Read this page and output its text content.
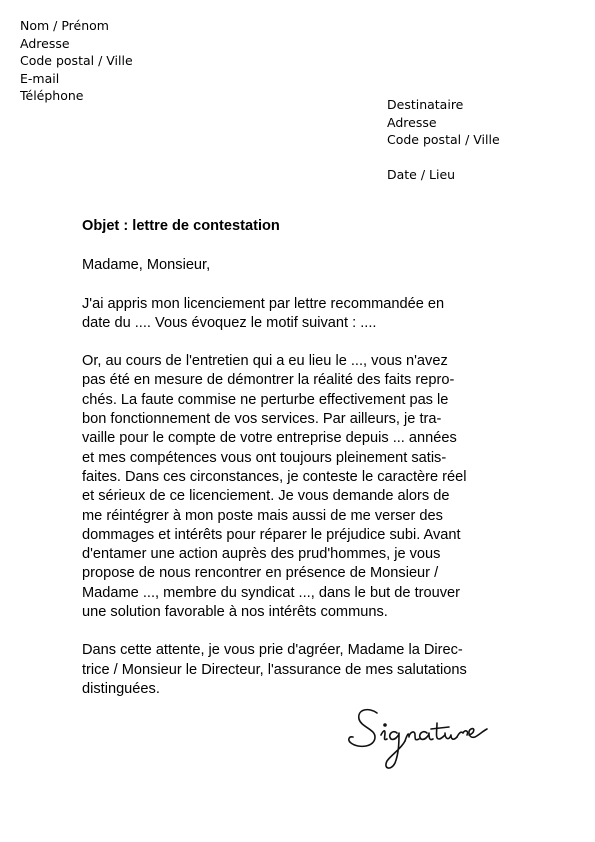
Nom / Prénom
Adresse
Code postal / Ville
E-mail
Téléphone
Destinataire
Adresse
Code postal / Ville
Date / Lieu

Objet : lettre de contestation

Madame, Monsieur,

J'ai appris mon licenciement par lettre recommandée en
date du .... Vous évoquez le motif suivant : ....

Or, au cours de l'entretien qui a eu lieu le ..., vous n'avez
pas été en mesure de démontrer la réalité des faits repro-
chés. La faute commise ne perturbe effectivement pas le
bon fonctionnement de vos services. Par ailleurs, je tra-
vaille pour le compte de votre entreprise depuis ... années
et mes compétences vous ont toujours pleinement satis-
faites. Dans ces circonstances, je conteste le caractère réel
et sérieux de ce licenciement. Je vous demande alors de
me réintégrer à mon poste mais aussi de me verser des
dommages et intérêts pour réparer le préjudice subi. Avant
d'entamer une action auprès des prud'hommes, je vous
propose de nous rencontrer en présence de Monsieur /
Madame ..., membre du syndicat ..., dans le but de trouver
une solution favorable à nos intérêts communs.

Dans cette attente, je vous prie d'agréer, Madame la Direc-
trice / Monsieur le Directeur, l'assurance de mes salutations
distinguées.
